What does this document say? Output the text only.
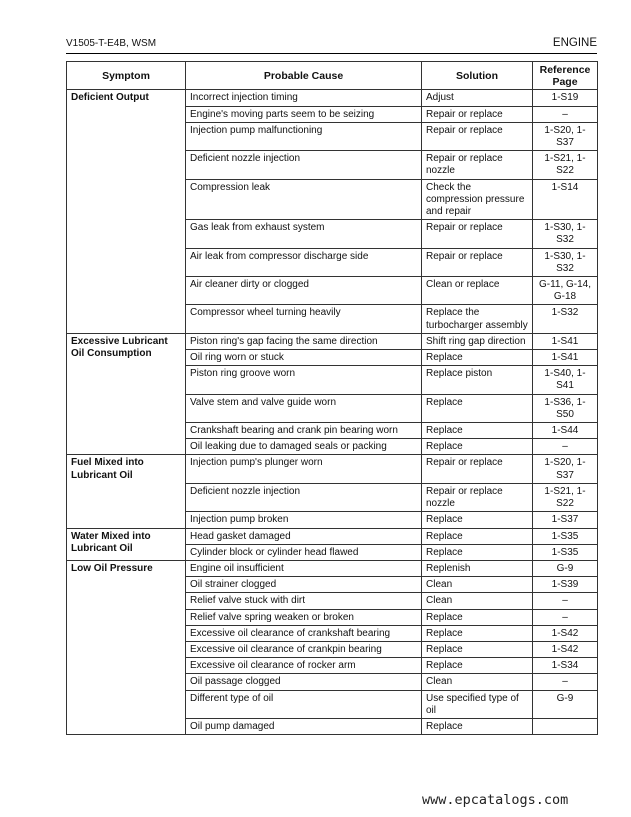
V1505-T-E4B, WSM	ENGINE
Symptom	Probable Cause	Solution	Reference Page
Deficient Output	Incorrect injection timing	Adjust	1-S19
	Engine's moving parts seem to be seizing	Repair or replace	–
	Injection pump malfunctioning	Repair or replace	1-S20, 1-S37
	Deficient nozzle injection	Repair or replace nozzle	1-S21, 1-S22
	Compression leak	Check the compression pressure and repair	1-S14
	Gas leak from exhaust system	Repair or replace	1-S30, 1-S32
	Air leak from compressor discharge side	Repair or replace	1-S30, 1-S32
	Air cleaner dirty or clogged	Clean or replace	G-11, G-14, G-18
	Compressor wheel turning heavily	Replace the turbocharger assembly	1-S32
Excessive Lubricant Oil Consumption	Piston ring's gap facing the same direction	Shift ring gap direction	1-S41
	Oil ring worn or stuck	Replace	1-S41
	Piston ring groove worn	Replace piston	1-S40, 1-S41
	Valve stem and valve guide worn	Replace	1-S36, 1-S50
	Crankshaft bearing and crank pin bearing worn	Replace	1-S44
	Oil leaking due to damaged seals or packing	Replace	–
Fuel Mixed into Lubricant Oil	Injection pump's plunger worn	Repair or replace	1-S20, 1-S37
	Deficient nozzle injection	Repair or replace nozzle	1-S21, 1-S22
	Injection pump broken	Replace	1-S37
Water Mixed into Lubricant Oil	Head gasket damaged	Replace	1-S35
	Cylinder block or cylinder head flawed	Replace	1-S35
Low Oil Pressure	Engine oil insufficient	Replenish	G-9
	Oil strainer clogged	Clean	1-S39
	Relief valve stuck with dirt	Clean	–
	Relief valve spring weaken or broken	Replace	–
	Excessive oil clearance of crankshaft bearing	Replace	1-S42
	Excessive oil clearance of crankpin bearing	Replace	1-S42
	Excessive oil clearance of rocker arm	Replace	1-S34
	Oil passage clogged	Clean	–
	Different type of oil	Use specified type of oil	G-9
	Oil pump damaged	Replace	
www.epcatalogs.com
